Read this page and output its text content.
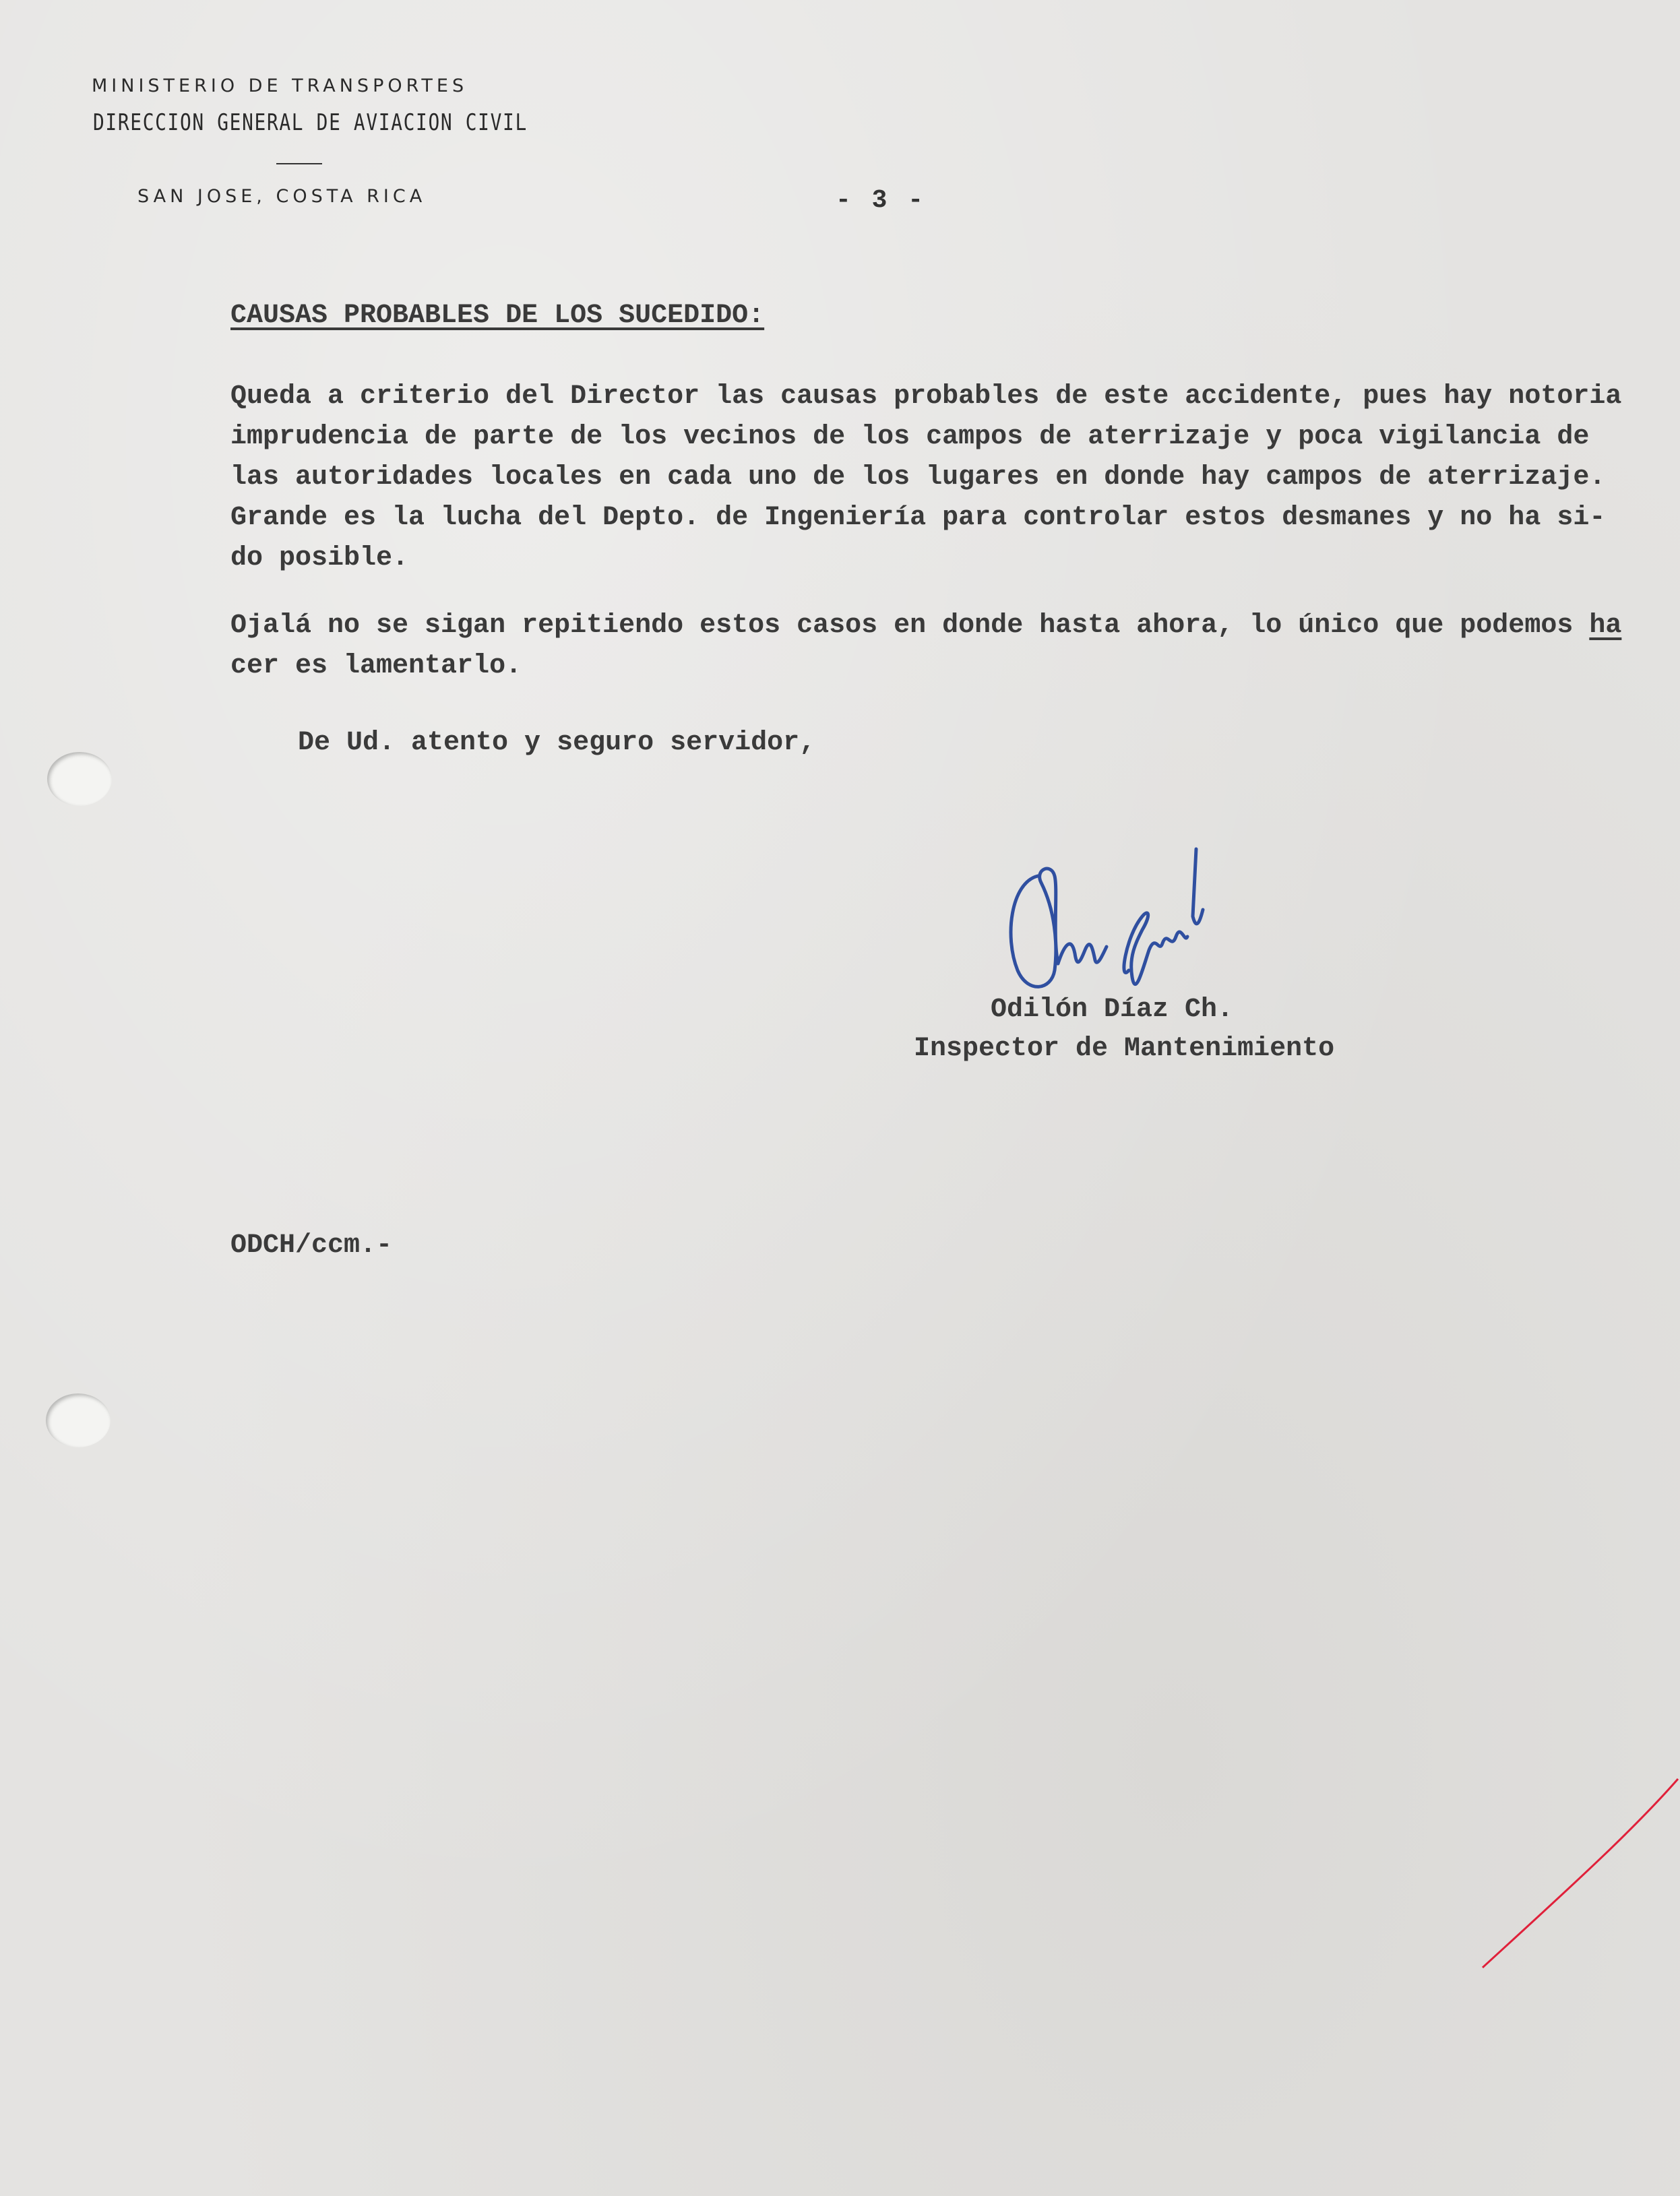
MINISTERIO DE TRANSPORTES
DIRECCION GENERAL DE AVIACION CIVIL
SAN JOSE, COSTA RICA	- 3 -
CAUSAS PROBABLES DE LOS SUCEDIDO:
Queda a criterio del Director las causas probables de este accidente, pues hay notoria
imprudencia de parte de los vecinos de los campos de aterrizaje y poca vigilancia de
las autoridades locales en cada uno de los lugares en donde hay campos de aterrizaje.
Grande es la lucha del Depto. de Ingeniería para controlar estos desmanes y no ha si-
do posible.
Ojalá no se sigan repitiendo estos casos en donde hasta ahora, lo único que podemos ha
cer es lamentarlo.
De Ud. atento y seguro servidor,
Odilón Díaz Ch.
Inspector de Mantenimiento
ODCH/ccm.-
